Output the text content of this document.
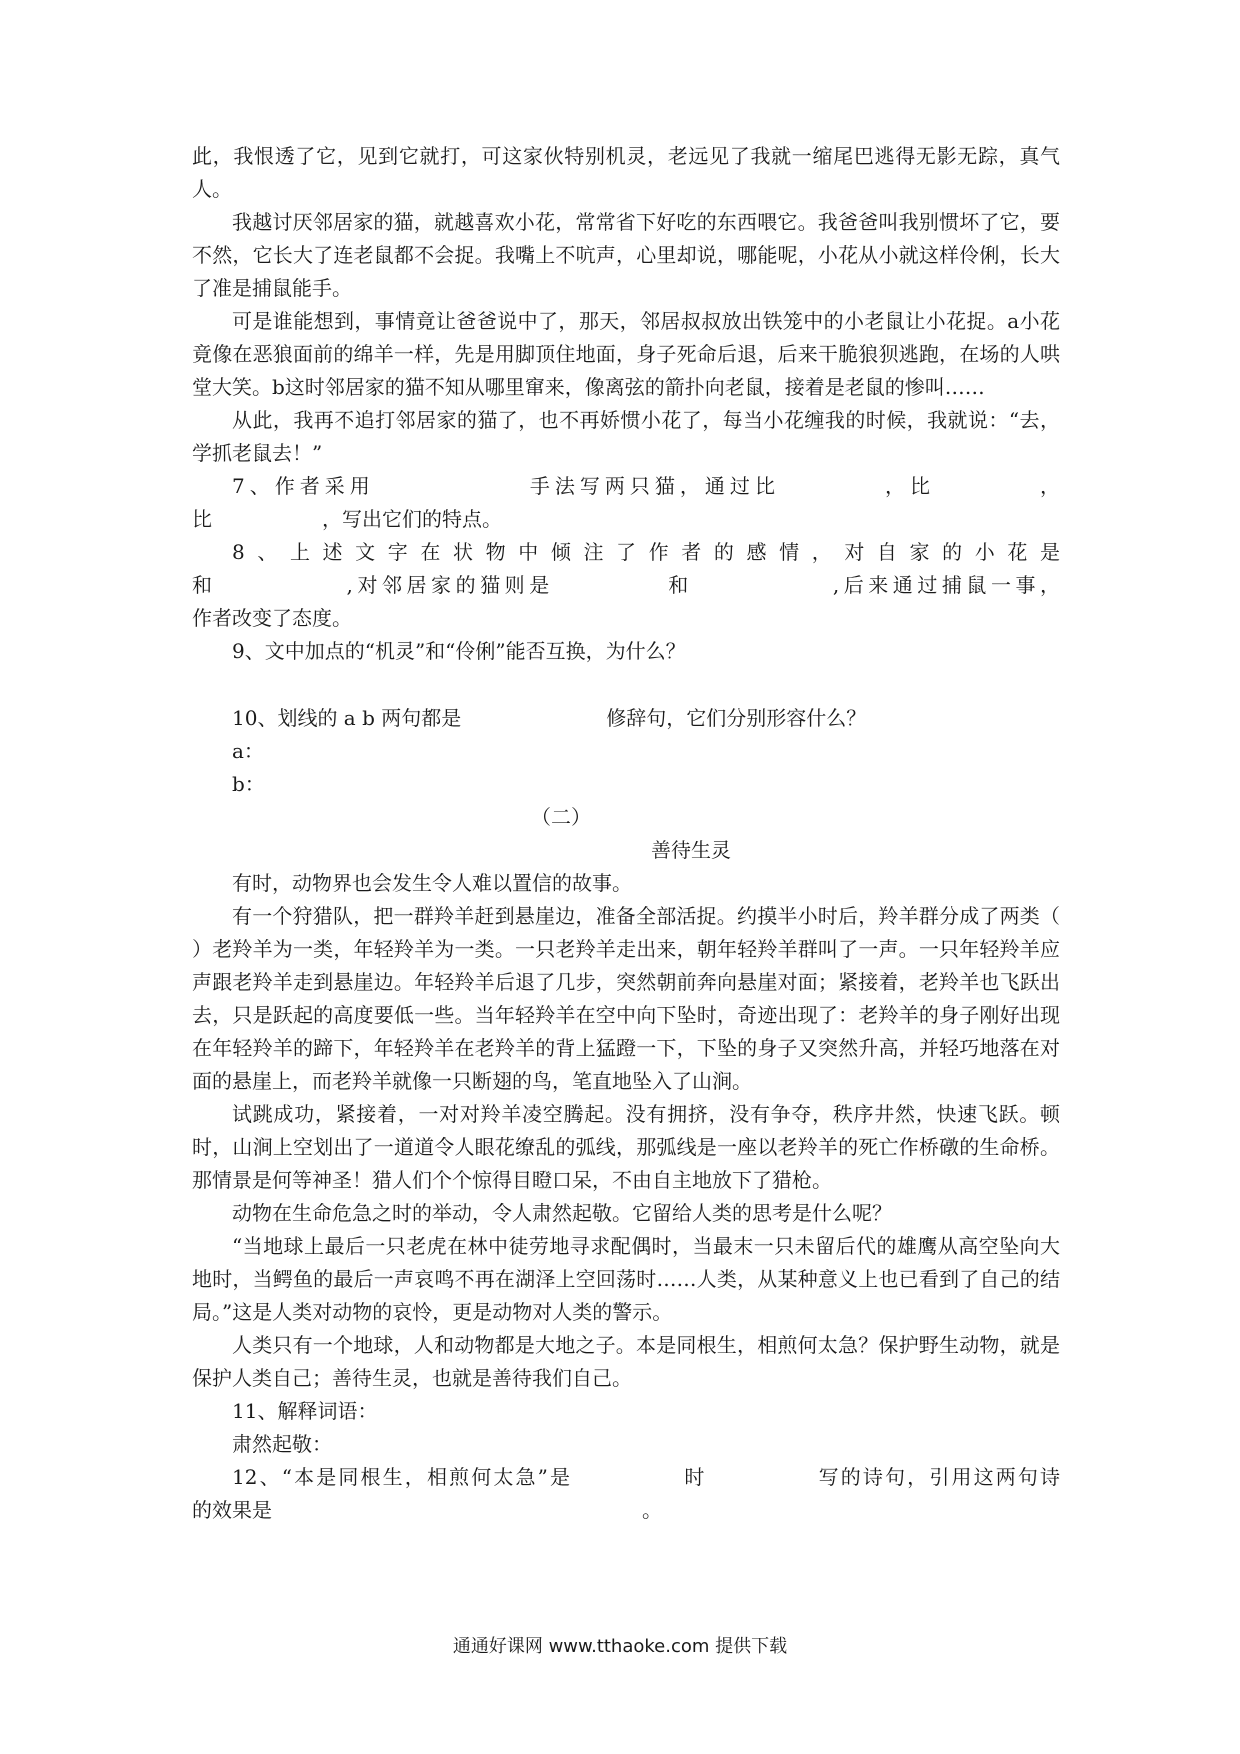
此，我恨透了它，见到它就打，可这家伙特别机灵，老远见了我就一缩尾巴逃得无影无踪，真气人。

我越讨厌邻居家的猫，就越喜欢小花，常常省下好吃的东西喂它。我爸爸叫我别惯坏了它，要不然，它长大了连老鼠都不会捉。我嘴上不吭声，心里却说，哪能呢，小花从小就这样伶俐，长大了准是捕鼠能手。

可是谁能想到，事情竟让爸爸说中了，那天，邻居叔叔放出铁笼中的小老鼠让小花捉。a小花竟像在恶狼面前的绵羊一样，先是用脚顶住地面，身子死命后退，后来干脆狼狈逃跑，在场的人哄堂大笑。b这时邻居家的猫不知从哪里窜来，像离弦的箭扑向老鼠，接着是老鼠的惨叫……

从此，我再不追打邻居家的猫了，也不再娇惯小花了，每当小花缠我的时候，我就说：“去，学抓老鼠去！”

7、作者采用	手法写两只猫，通过比	，比	，

比	，写出它们的特点。

8、上述文字在状物中倾注了作者的感情，对自家的小花是

和	,对邻居家的猫则是	和	,后来通过捕鼠一事，

作者改变了态度。

9、文中加点的“机灵”和“伶俐”能否互换，为什么？

10、划线的 a b 两句都是	修辞句，它们分别形容什么？

a：

b：

（二）

善待生灵

有时，动物界也会发生令人难以置信的故事。

有一个狩猎队，把一群羚羊赶到悬崖边，准备全部活捉。约摸半小时后，羚羊群分成了两类（ ）老羚羊为一类，年轻羚羊为一类。一只老羚羊走出来，朝年轻羚羊群叫了一声。一只年轻羚羊应声跟老羚羊走到悬崖边。年轻羚羊后退了几步，突然朝前奔向悬崖对面；紧接着，老羚羊也飞跃出去，只是跃起的高度要低一些。当年轻羚羊在空中向下坠时，奇迹出现了：老羚羊的身子刚好出现在年轻羚羊的蹄下，年轻羚羊在老羚羊的背上猛蹬一下，下坠的身子又突然升高，并轻巧地落在对面的悬崖上，而老羚羊就像一只断翅的鸟，笔直地坠入了山涧。

试跳成功，紧接着，一对对羚羊凌空腾起。没有拥挤，没有争夺，秩序井然，快速飞跃。顿时，山涧上空划出了一道道令人眼花缭乱的弧线，那弧线是一座以老羚羊的死亡作桥礅的生命桥。那情景是何等神圣！猎人们个个惊得目瞪口呆，不由自主地放下了猎枪。

动物在生命危急之时的举动，令人肃然起敬。它留给人类的思考是什么呢？

“当地球上最后一只老虎在林中徒劳地寻求配偶时，当最末一只未留后代的雄鹰从高空坠向大地时，当鳄鱼的最后一声哀鸣不再在湖泽上空回荡时……人类，从某种意义上也已看到了自己的结局。”这是人类对动物的哀怜，更是动物对人类的警示。

人类只有一个地球，人和动物都是大地之子。本是同根生，相煎何太急？保护野生动物，就是保护人类自己；善待生灵，也就是善待我们自己。

11、解释词语：

肃然起敬：

12、“本是同根生，相煎何太急”是	时	写的诗句，引用这两句诗

的效果是	。

通通好课网 www.tthaoke.com 提供下载
